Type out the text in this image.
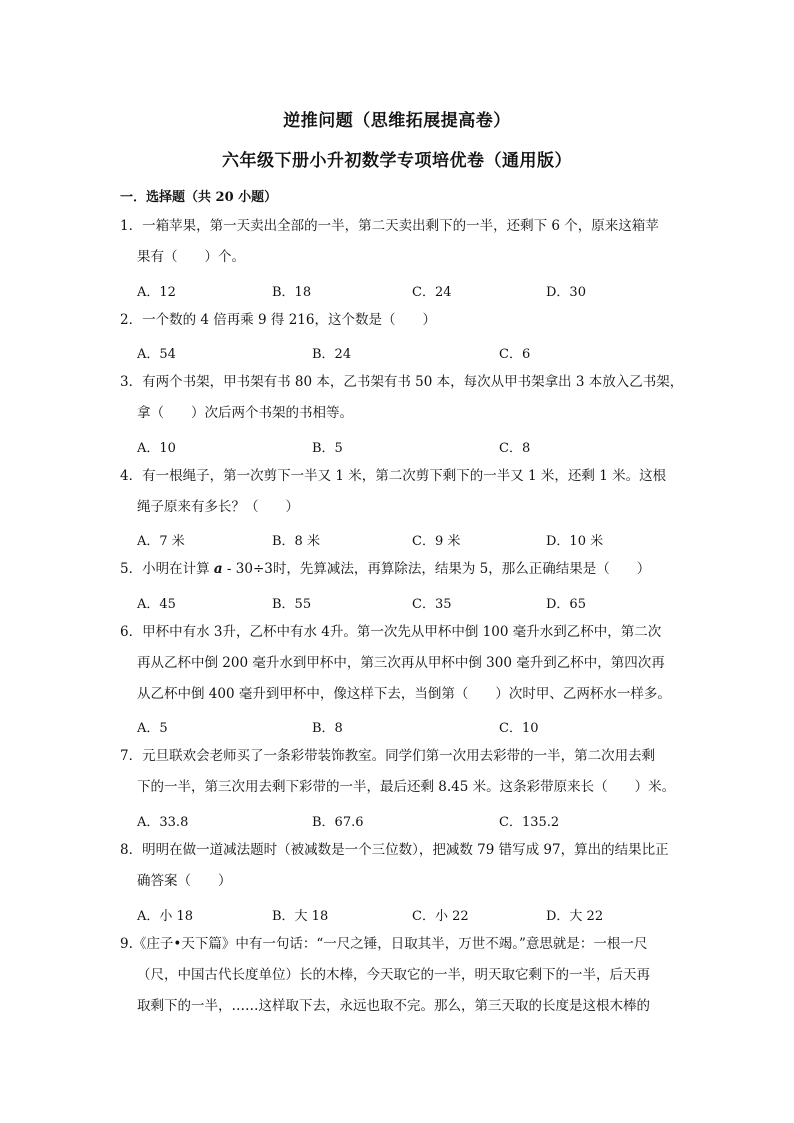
逆推问题（思维拓展提高卷）
六年级下册小升初数学专项培优卷（通用版）
一．选择题（共 20 小题）
1．一箱苹果，第一天卖出全部的一半，第二天卖出剩下的一半，还剩下 6 个，原来这箱苹
果有（　　）个。
A．12	B．18	C．24	D．30
2．一个数的 4 倍再乘 9 得 216，这个数是（　　）
A．54	B．24	C．6
3．有两个书架，甲书架有书 80 本，乙书架有书 50 本，每次从甲书架拿出 3 本放入乙书架，
拿（　　）次后两个书架的书相等。
A．10	B．5	C．8
4．有一根绳子，第一次剪下一半又 1 米，第二次剪下剩下的一半又 1 米，还剩 1 米。这根
绳子原来有多长？（　　）
A．7 米	B．8 米	C．9 米	D．10 米
5．小明在计算 a - 30÷3时，先算减法，再算除法，结果为 5，那么正确结果是（　　）
A．45	B．55	C．35	D．65
6．甲杯中有水 3升，乙杯中有水 4升。第一次先从甲杯中倒 100 毫升水到乙杯中，第二次
再从乙杯中倒 200 毫升水到甲杯中，第三次再从甲杯中倒 300 毫升到乙杯中，第四次再
从乙杯中倒 400 毫升到甲杯中，像这样下去，当倒第（　　）次时甲、乙两杯水一样多。
A．5	B．8	C．10
7．元旦联欢会老师买了一条彩带装饰教室。同学们第一次用去彩带的一半，第二次用去剩
下的一半，第三次用去剩下彩带的一半，最后还剩 8.45 米。这条彩带原来长（　　）米。
A．33.8	B．67.6	C．135.2
8．明明在做一道减法题时（被减数是一个三位数），把减数 79 错写成 97，算出的结果比正
确答案（　　）
A．小 18	B．大 18	C．小 22	D．大 22
9.《庄子•天下篇》中有一句话：“一尺之锤，日取其半，万世不竭。”意思就是：一根一尺
（尺，中国古代长度单位）长的木棒，今天取它的一半，明天取它剩下的一半，后天再
取剩下的一半，……这样取下去，永远也取不完。那么，第三天取的长度是这根木棒的
